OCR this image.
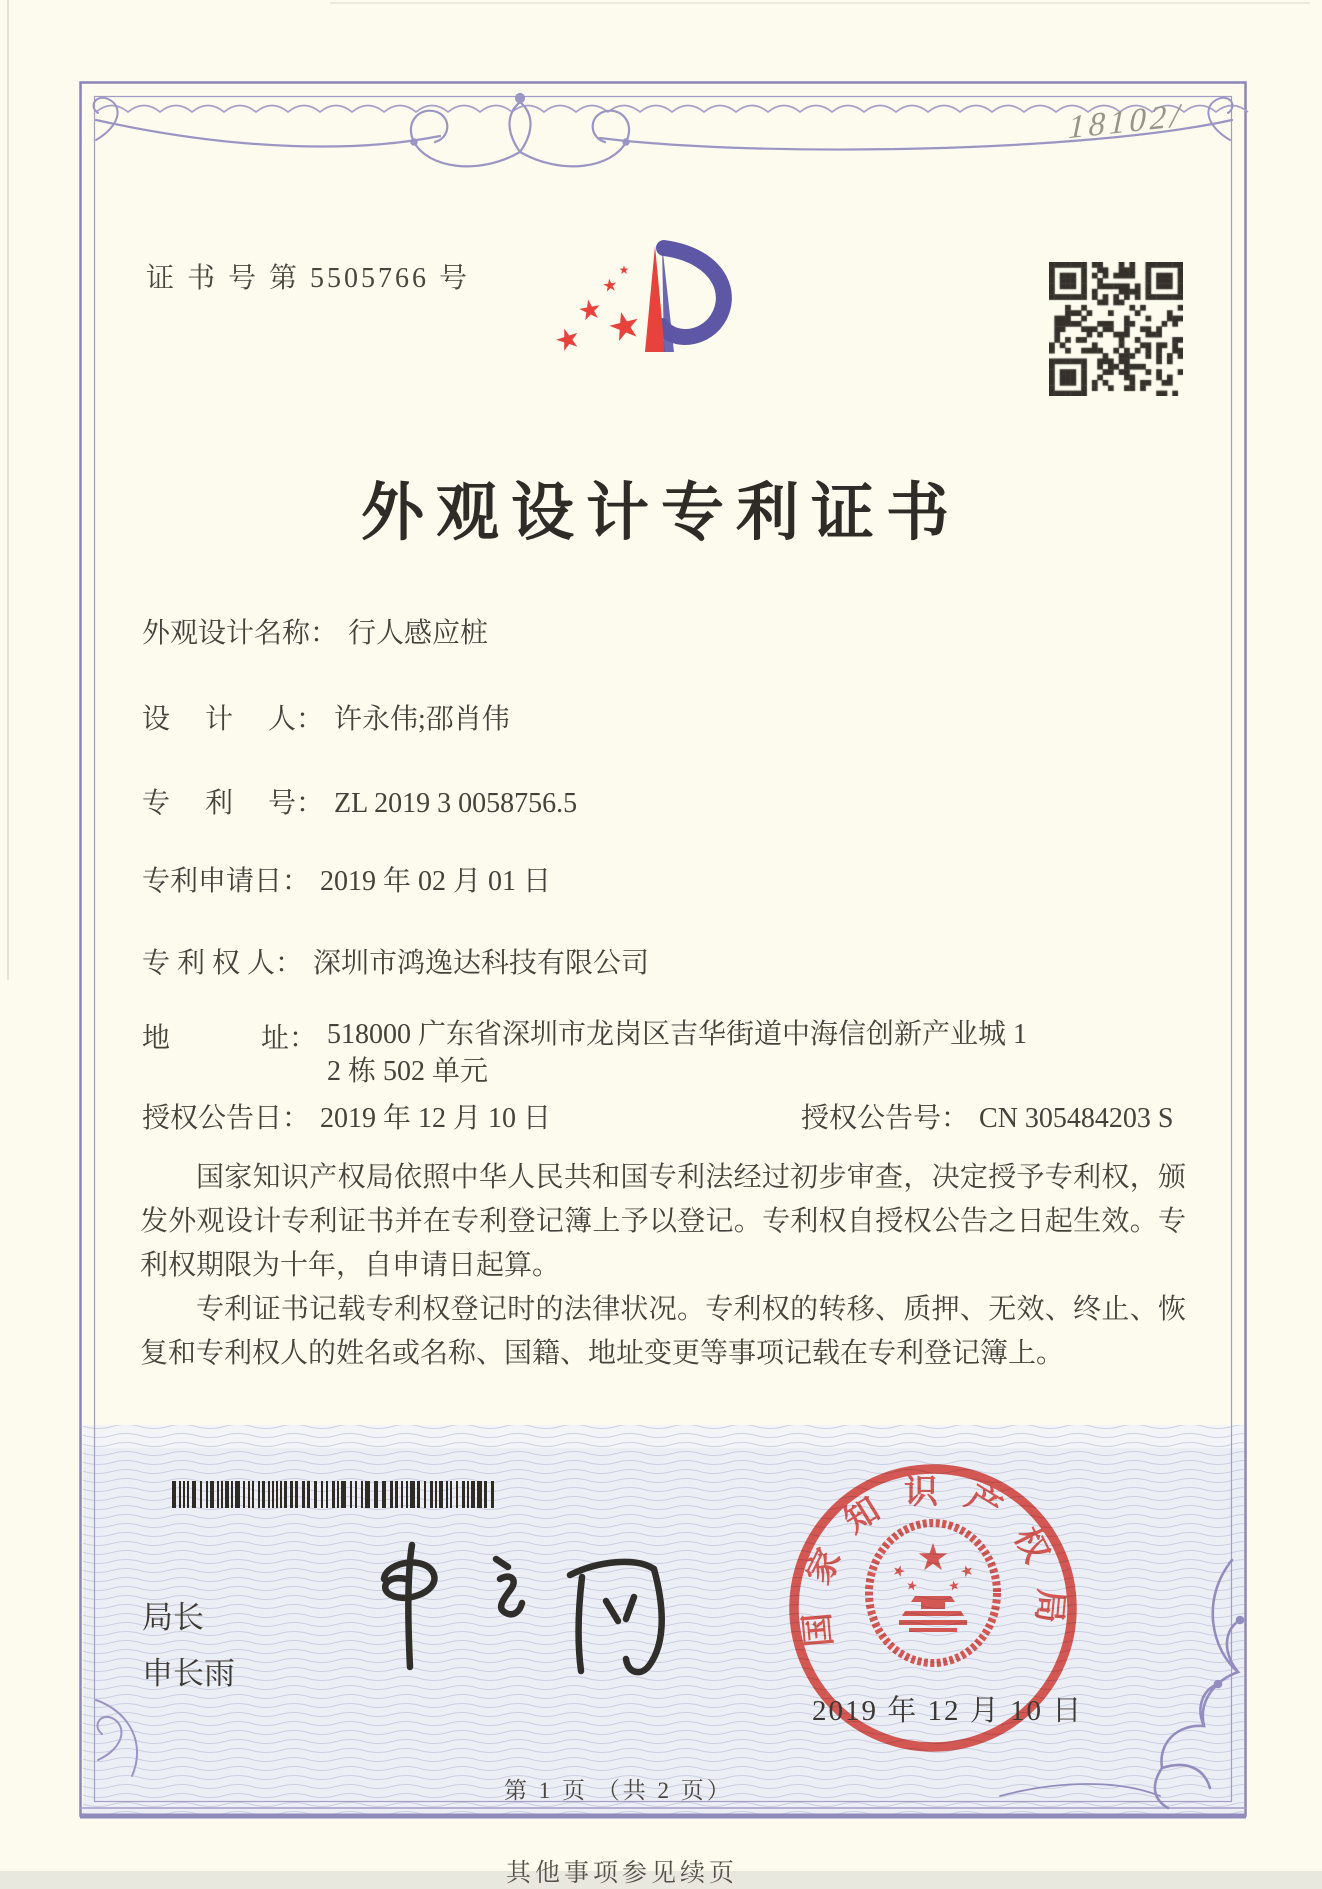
18102/
证 书 号 第 5505766 号
★
★
★
★
★
外观设计专利证书
外观设计名称： 行人感应桩
设　 计 　人： 许永伟;邵肖伟
专　 利 　号： ZL 2019 3 0058756.5
专利申请日： 2019 年 02 月 01 日
专 利 权 人： 深圳市鸿逸达科技有限公司
地　　　 址： 518000 广东省深圳市龙岗区吉华街道中海信创新产业城 1
2 栋 502 单元
授权公告日： 2019 年 12 月 10 日	授权公告号： CN 305484203 S

国家知识产权局依照中华人民共和国专利法经过初步审查，决定授予专利权，颁发外观设计专利证书并在专利登记簿上予以登记。专利权自授权公告之日起生效。专利权期限为十年，自申请日起算。

专利证书记载专利权登记时的法律状况。专利权的转移、质押、无效、终止、恢复和专利权人的姓名或名称、国籍、地址变更等事项记载在专利登记簿上。

局长
申长雨
国家知识产权局
★	★
★ ★
2019 年 12 月 10 日
第 1 页 （共 2 页）
其他事项参见续页
